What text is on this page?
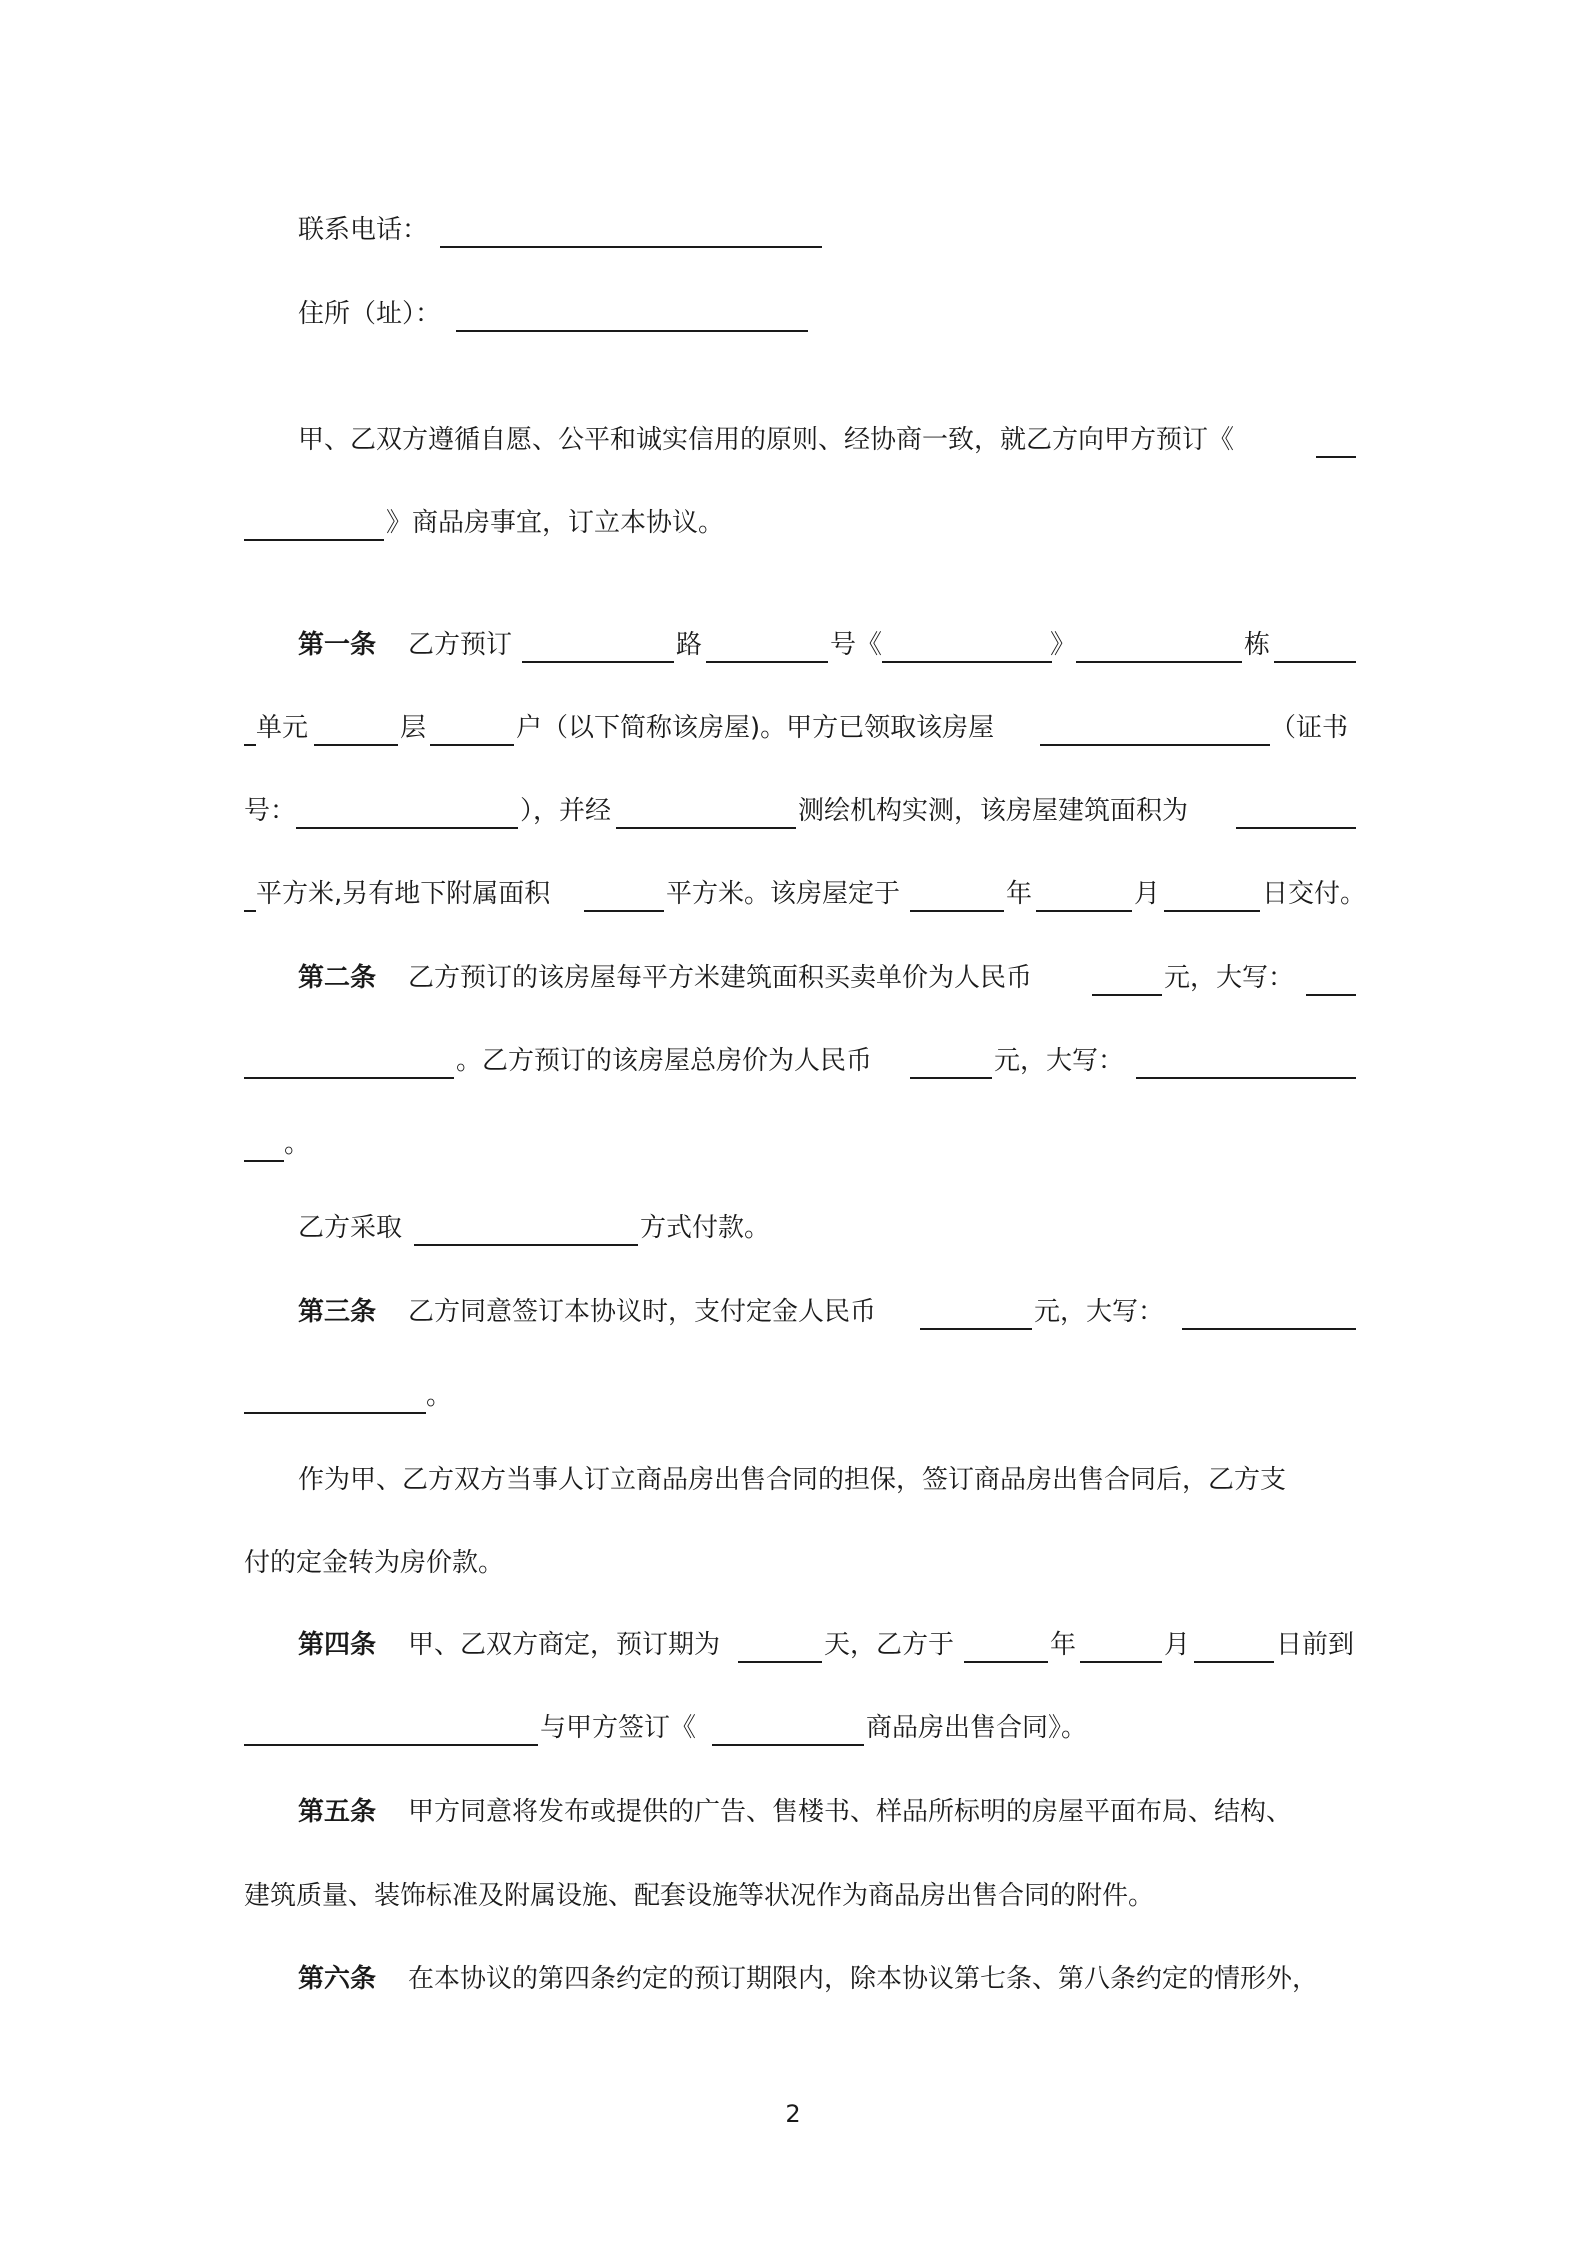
联系电话：
住所（址）：
甲、乙双方遵循自愿、公平和诚实信用的原则、经协商一致，就乙方向甲方预订《
》商品房事宜，订立本协议。
第一条 乙方预订	路	号《	》	栋
单元	层	户（以下简称该房屋)。甲方已领取该房屋	（证书
号：	），并经	测绘机构实测，该房屋建筑面积为
平方米,另有地下附属面积	平方米。该房屋定于	年	月	日交付。
第二条 乙方预订的该房屋每平方米建筑面积买卖单价为人民币	元，大写：
。乙方预订的该房屋总房价为人民币	元，大写：
。
乙方采取	方式付款。
第三条 乙方同意签订本协议时，支付定金人民币	元，大写：
。
作为甲、乙方双方当事人订立商品房出售合同的担保，签订商品房出售合同后，乙方支
付的定金转为房价款。
第四条 甲、乙双方商定，预订期为	天，乙方于	年	月	日前到
与甲方签订《	商品房出售合同》。
第五条 甲方同意将发布或提供的广告、售楼书、样品所标明的房屋平面布局、结构、
建筑质量、装饰标准及附属设施、配套设施等状况作为商品房出售合同的附件。
第六条 在本协议的第四条约定的预订期限内，除本协议第七条、第八条约定的情形外，
2
